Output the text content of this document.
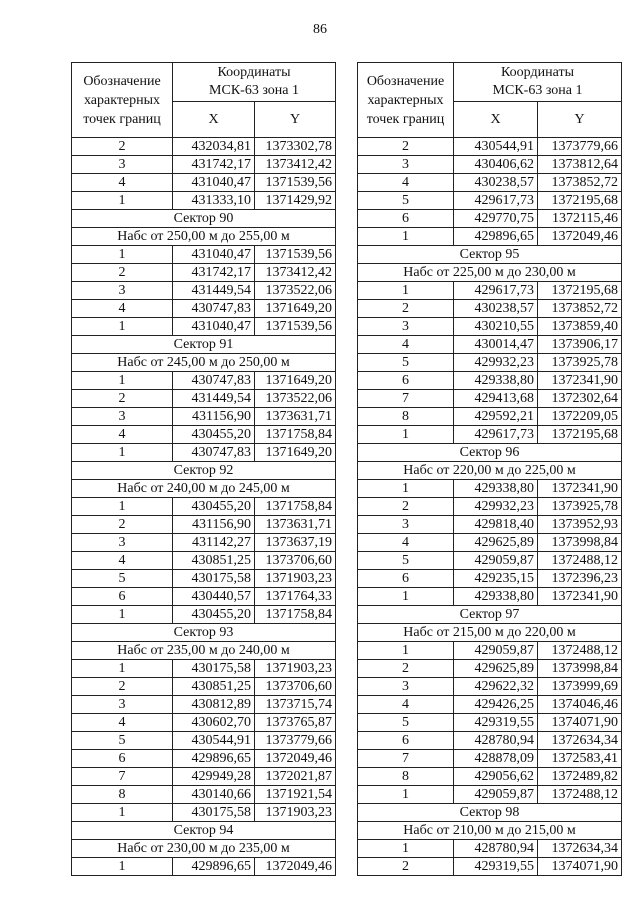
86
Обозначение
характерных
точек границ	Координаты
МСК-63 зона 1	
	X	Y
2	432034,81	1373302,78
3	431742,17	1373412,42
4	431040,47	1371539,56
1	431333,10	1371429,92
Сектор 90		
Набс от 250,00 м до 255,00 м		
1	431040,47	1371539,56
2	431742,17	1373412,42
3	431449,54	1373522,06
4	430747,83	1371649,20
1	431040,47	1371539,56
Сектор 91		
Набс от 245,00 м до 250,00 м		
1	430747,83	1371649,20
2	431449,54	1373522,06
3	431156,90	1373631,71
4	430455,20	1371758,84
1	430747,83	1371649,20
Сектор 92		
Набс от 240,00 м до 245,00 м		
1	430455,20	1371758,84
2	431156,90	1373631,71
3	431142,27	1373637,19
4	430851,25	1373706,60
5	430175,58	1371903,23
6	430440,57	1371764,33
1	430455,20	1371758,84
Сектор 93		
Набс от 235,00 м до 240,00 м		
1	430175,58	1371903,23
2	430851,25	1373706,60
3	430812,89	1373715,74
4	430602,70	1373765,87
5	430544,91	1373779,66
6	429896,65	1372049,46
7	429949,28	1372021,87
8	430140,66	1371921,54
1	430175,58	1371903,23
Сектор 94		
Набс от 230,00 м до 235,00 м		
1	429896,65	1372049,46
Обозначение
характерных
точек границ	Координаты
МСК-63 зона 1	
	X	Y
2	430544,91	1373779,66
3	430406,62	1373812,64
4	430238,57	1373852,72
5	429617,73	1372195,68
6	429770,75	1372115,46
1	429896,65	1372049,46
Сектор 95		
Набс от 225,00 м до 230,00 м		
1	429617,73	1372195,68
2	430238,57	1373852,72
3	430210,55	1373859,40
4	430014,47	1373906,17
5	429932,23	1373925,78
6	429338,80	1372341,90
7	429413,68	1372302,64
8	429592,21	1372209,05
1	429617,73	1372195,68
Сектор 96		
Набс от 220,00 м до 225,00 м		
1	429338,80	1372341,90
2	429932,23	1373925,78
3	429818,40	1373952,93
4	429625,89	1373998,84
5	429059,87	1372488,12
6	429235,15	1372396,23
1	429338,80	1372341,90
Сектор 97		
Набс от 215,00 м до 220,00 м		
1	429059,87	1372488,12
2	429625,89	1373998,84
3	429622,32	1373999,69
4	429426,25	1374046,46
5	429319,55	1374071,90
6	428780,94	1372634,34
7	428878,09	1372583,41
8	429056,62	1372489,82
1	429059,87	1372488,12
Сектор 98		
Набс от 210,00 м до 215,00 м		
1	428780,94	1372634,34
2	429319,55	1374071,90
